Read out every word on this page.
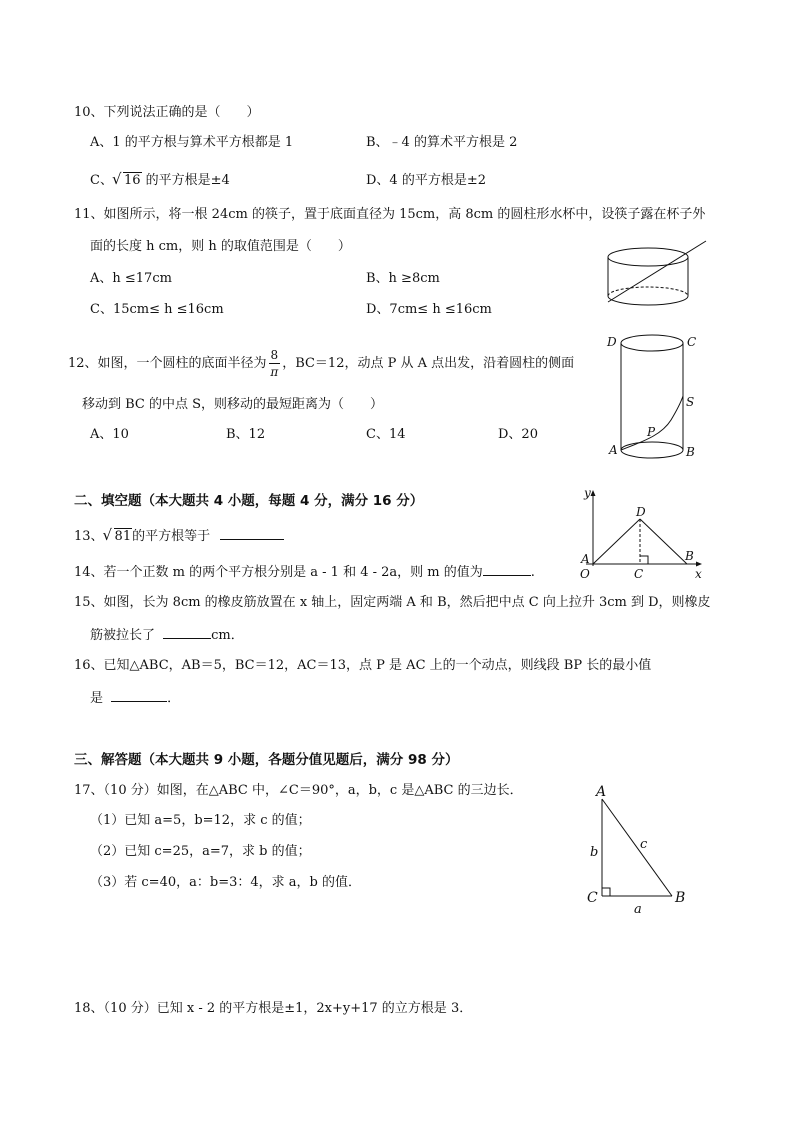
10、下列说法正确的是（　　）
A、1 的平方根与算术平方根都是 1	B、﹣4 的算术平方根是 2
C、 √ 16 的平方根是±4	D、4 的平方根是±2
11、如图所示，将一根 24cm 的筷子，置于底面直径为 15cm，高 8cm 的圆柱形水杯中，设筷子露在杯子外
面的长度 h cm，则 h 的取值范围是（　　）
A、h ≤17cm	B、h ≥8cm
C、15cm≤ h ≤16cm	D、7cm≤ h ≤16cm
12、如图，一个圆柱的底面半径为 $\frac{8}{\pi}$ ，BC＝12，动点 P 从 A 点出发，沿着圆柱的侧面
移动到 BC 的中点 S，则移动的最短距离为（　　）
A、10	B、12	C、14	D、20
D	C
S
P
A	B
二、填空题（本大题共 4 小题，每题 4 分，满分 16 分）
13、 √ 81的平方根等于
14、若一个正数 m 的两个平方根分别是 a - 1 和 4 - 2a，则 m 的值为	.
15、如图，长为 8cm 的橡皮筋放置在 x 轴上，固定两端 A 和 B，然后把中点 C 向上拉升 3cm 到 D，则橡皮
筋被拉长了	cm．
16、已知△ABC，AB＝5，BC＝12，AC＝13，点 P 是 AC 上的一个动点，则线段 BP 长的最小值
是	．
y
D
A
O	C
B
x
三、解答题（本大题共 9 小题，各题分值见题后，满分 98 分）
17、（10 分）如图，在△ABC 中，∠C＝90°，a，b，c 是△ABC 的三边长．
（1）已知 a=5，b=12，求 c 的值；
（2）已知 c=25，a=7，求 b 的值；
（3）若 c=40，a：b=3：4，求 a，b 的值．
A
b
c
C
a
B
18、（10 分）已知 x - 2 的平方根是±1，2x+y+17 的立方根是 3．
